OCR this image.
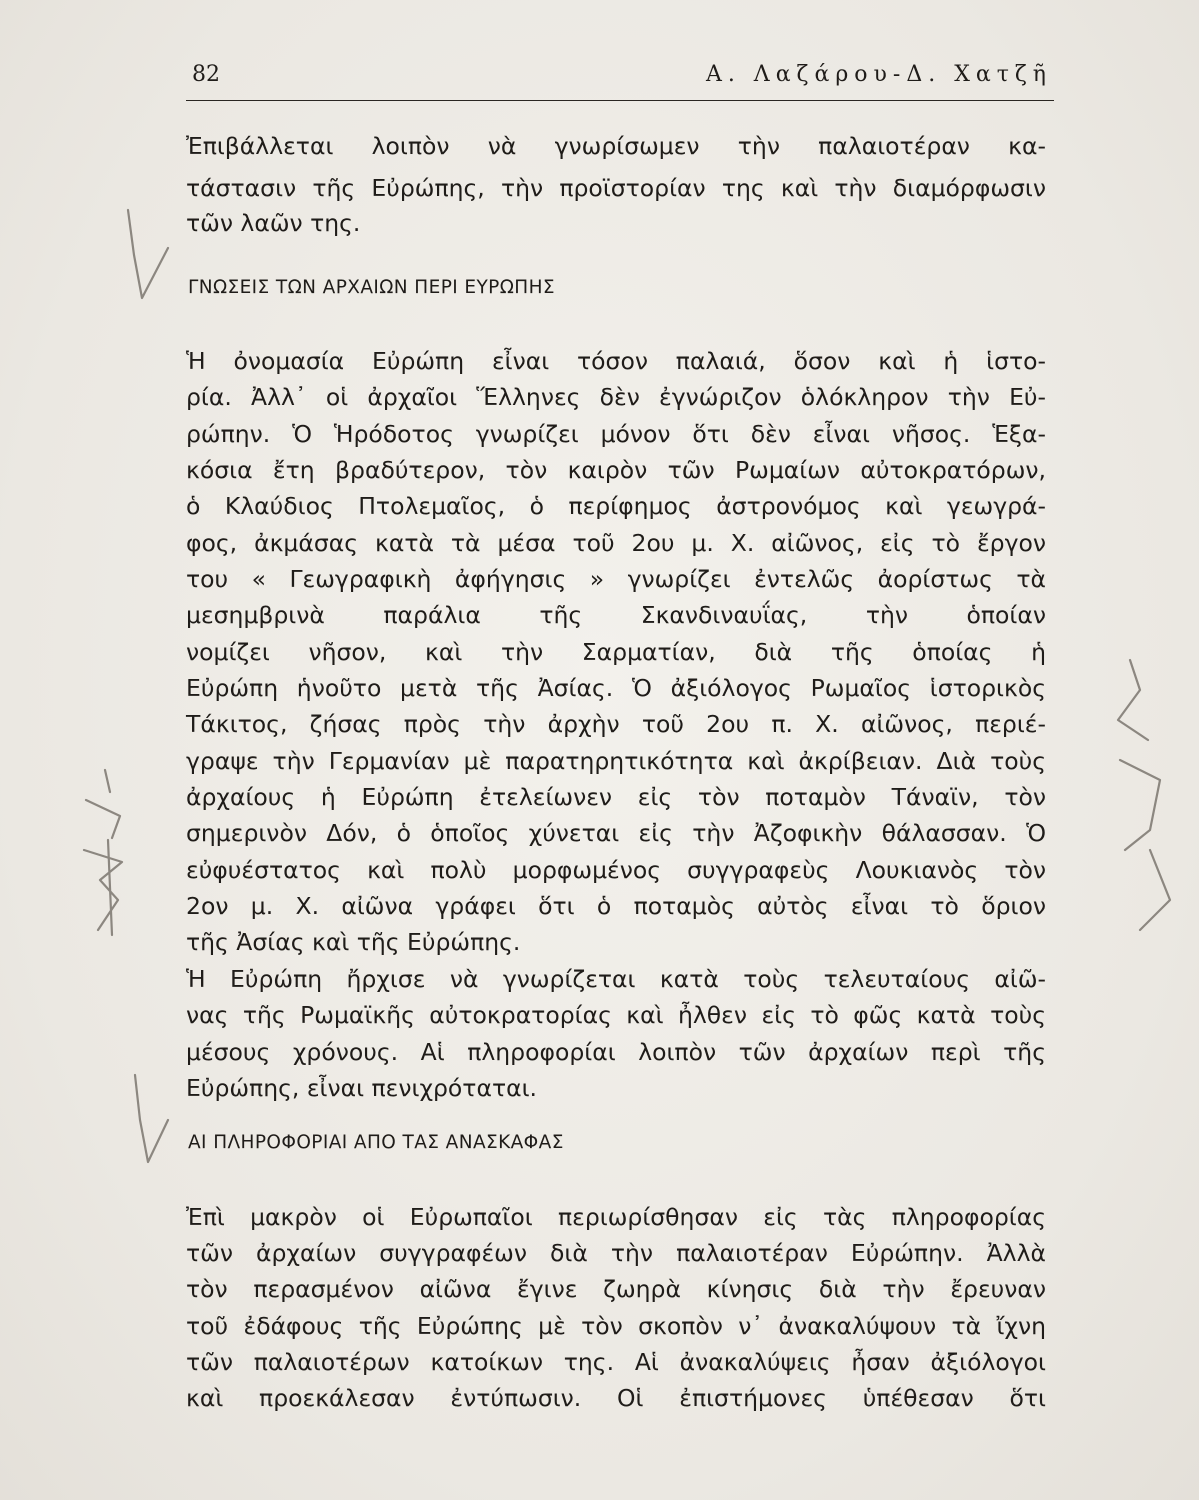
82	Α. Λαζάρου-Δ. Χατζῆ
Ἐπιβάλλεται λοιπὸν νὰ γνωρίσωμεν τὴν παλαιοτέραν κα-
τάστασιν τῆς Εὐρώπης, τὴν προϊστορίαν της καὶ τὴν διαμόρφωσιν
τῶν λαῶν της.
ΓΝΩΣΕΙΣ ΤΩΝ ΑΡΧΑΙΩΝ ΠΕΡΙ ΕΥΡΩΠΗΣ
Ἡ ὀνομασία Εὐρώπη εἶναι τόσον παλαιά, ὅσον καὶ ἡ ἱστο-
ρία. Ἀλλ᾽ οἱ ἀρχαῖοι Ἕλληνες δὲν ἐγνώριζον ὁλόκληρον τὴν Εὐ-
ρώπην. Ὁ Ἡρόδοτος γνωρίζει μόνον ὅτι δὲν εἶναι νῆσος. Ἑξα-
κόσια ἔτη βραδύτερον, τὸν καιρὸν τῶν Ρωμαίων αὐτοκρατόρων,
ὁ Κλαύδιος Πτολεμαῖος, ὁ περίφημος ἀστρονόμος καὶ γεωγρά-
φος, ἀκμάσας κατὰ τὰ μέσα τοῦ 2ου μ. Χ. αἰῶνος, εἰς τὸ ἔργον
του « Γεωγραφικὴ ἀφήγησις » γνωρίζει ἐντελῶς ἀορίστως τὰ
μεσημβρινὰ παράλια τῆς Σκανδιναυΐας, τὴν ὁποίαν
νομίζει νῆσον, καὶ τὴν Σαρματίαν, διὰ τῆς ὁποίας ἡ
Εὐρώπη ἡνοῦτο μετὰ τῆς Ἀσίας. Ὁ ἀξιόλογος Ρωμαῖος ἱστορικὸς
Τάκιτος, ζήσας πρὸς τὴν ἀρχὴν τοῦ 2ου π. Χ. αἰῶνος, περιέ-
γραψε τὴν Γερμανίαν μὲ παρατηρητικότητα καὶ ἀκρίβειαν. Διὰ τοὺς
ἀρχαίους ἡ Εὐρώπη ἐτελείωνεν εἰς τὸν ποταμὸν Τάναϊν, τὸν
σημερινὸν Δόν, ὁ ὁποῖος χύνεται εἰς τὴν Ἀζοφικὴν θάλασσαν. Ὁ
εὐφυέστατος καὶ πολὺ μορφωμένος συγγραφεὺς Λουκιανὸς τὸν
2ον μ. Χ. αἰῶνα γράφει ὅτι ὁ ποταμὸς αὐτὸς εἶναι τὸ ὅριον
τῆς Ἀσίας καὶ τῆς Εὐρώπης.
Ἡ Εὐρώπη ἤρχισε νὰ γνωρίζεται κατὰ τοὺς τελευταίους αἰῶ-
νας τῆς Ρωμαϊκῆς αὐτοκρατορίας καὶ ἦλθεν εἰς τὸ φῶς κατὰ τοὺς
μέσους χρόνους. Αἱ πληροφορίαι λοιπὸν τῶν ἀρχαίων περὶ τῆς
Εὐρώπης, εἶναι πενιχρόταται.
ΑΙ ΠΛΗΡΟΦΟΡΙΑΙ ΑΠΟ ΤΑΣ ΑΝΑΣΚΑΦΑΣ
Ἐπὶ μακρὸν οἱ Εὐρωπαῖοι περιωρίσθησαν εἰς τὰς πληροφορίας
τῶν ἀρχαίων συγγραφέων διὰ τὴν παλαιοτέραν Εὐρώπην. Ἀλλὰ
τὸν περασμένον αἰῶνα ἔγινε ζωηρὰ κίνησις διὰ τὴν ἔρευναν
τοῦ ἐδάφους τῆς Εὐρώπης μὲ τὸν σκοπὸν ν᾽ ἀνακαλύψουν τὰ ἴχνη
τῶν παλαιοτέρων κατοίκων της. Αἱ ἀνακαλύψεις ἦσαν ἀξιόλογοι
καὶ προεκάλεσαν ἐντύπωσιν. Οἱ ἐπιστήμονες ὑπέθεσαν ὅτι
